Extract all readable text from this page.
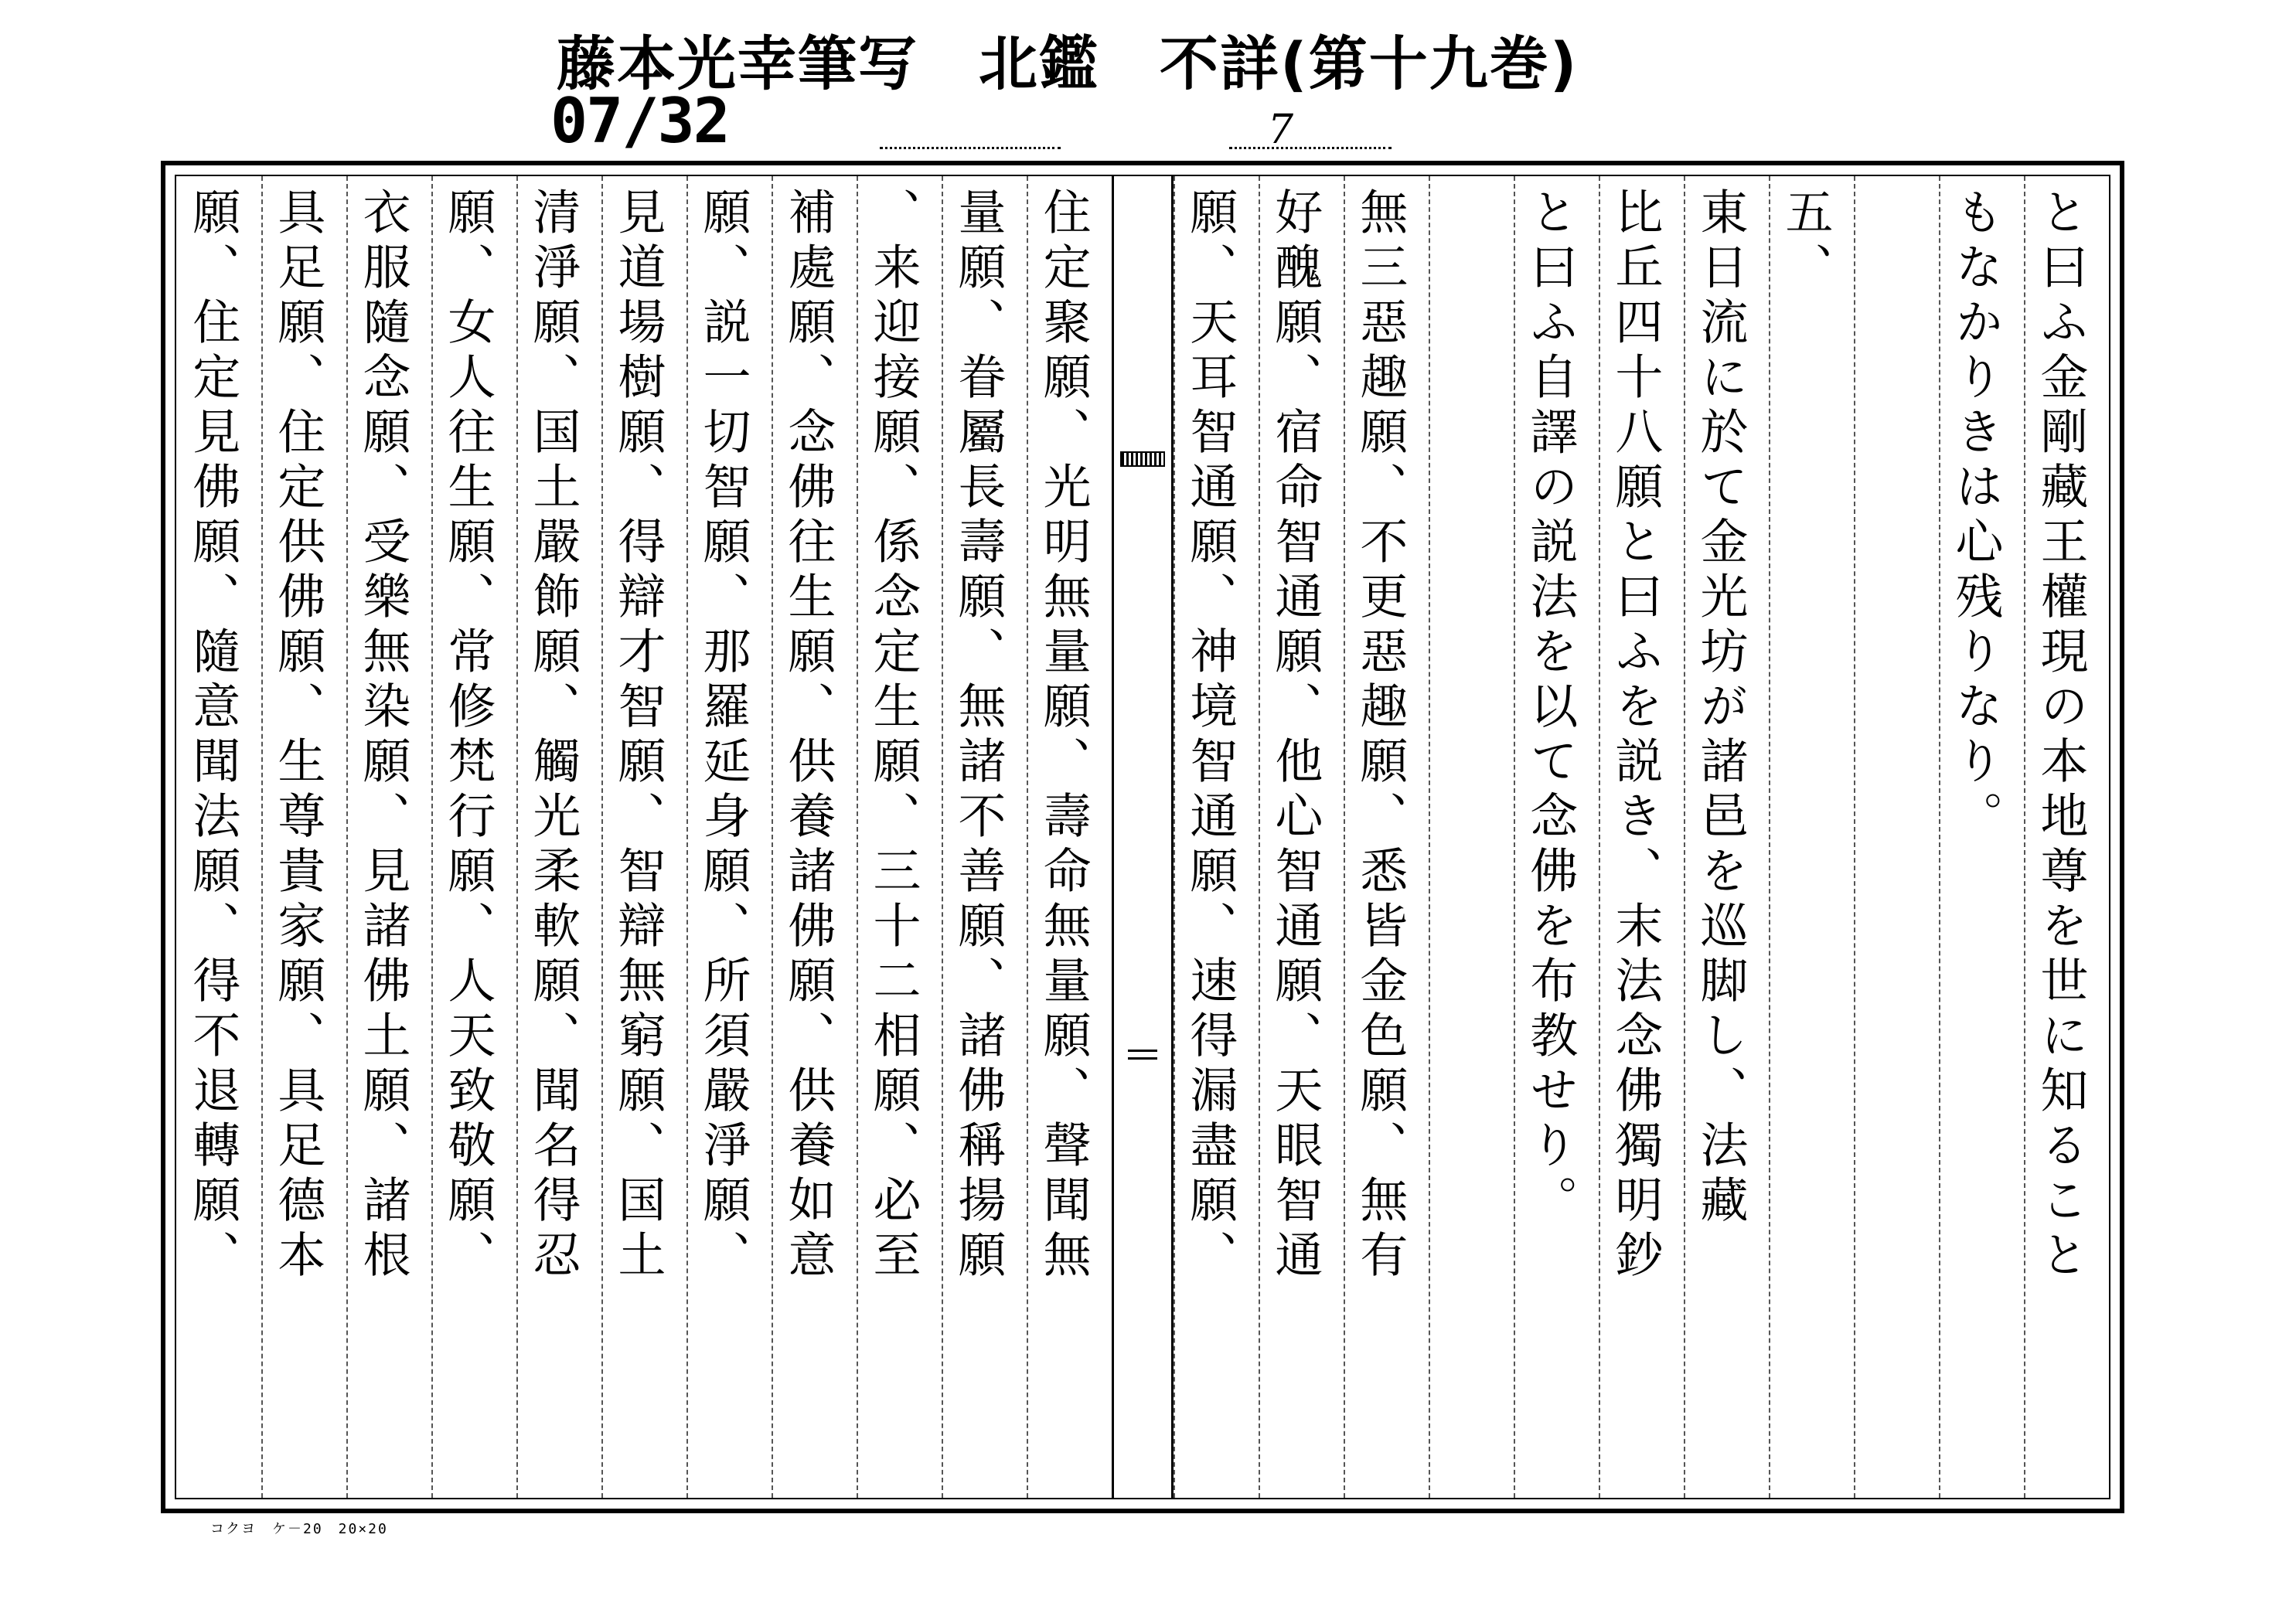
藤本光幸筆写　北鑑　不詳(第十九巻)
07/32	7
と曰ふ金剛藏王權現の本地尊を世に知ること
もなかりきは心残りなり。
五、
東日流に於て金光坊が諸邑を巡脚し、法藏
比丘四十八願と曰ふを説き、末法念佛獨明鈔
と曰ふ自譯の説法を以て念佛を布教せり。
無三惡趣願、不更惡趣願、悉皆金色願、無有
好醜願、宿命智通願、他心智通願、天眼智通
願、天耳智通願、神境智通願、速得漏盡願、
住定聚願、光明無量願、壽命無量願、聲聞無
量願、眷屬長壽願、無諸不善願、諸佛稱揚願
、来迎接願、係念定生願、三十二相願、必至
補處願、念佛往生願、供養諸佛願、供養如意
願、説一切智願、那羅延身願、所須嚴淨願、
見道場樹願、得辯才智願、智辯無窮願、国土
清淨願、国土嚴飾願、觸光柔軟願、聞名得忍
願、女人往生願、常修梵行願、人天致敬願、
衣服隨念願、受樂無染願、見諸佛土願、諸根
具足願、住定供佛願、生尊貴家願、具足德本
願、住定見佛願、隨意聞法願、得不退轉願、
コクヨ　ケ－20　20×20
